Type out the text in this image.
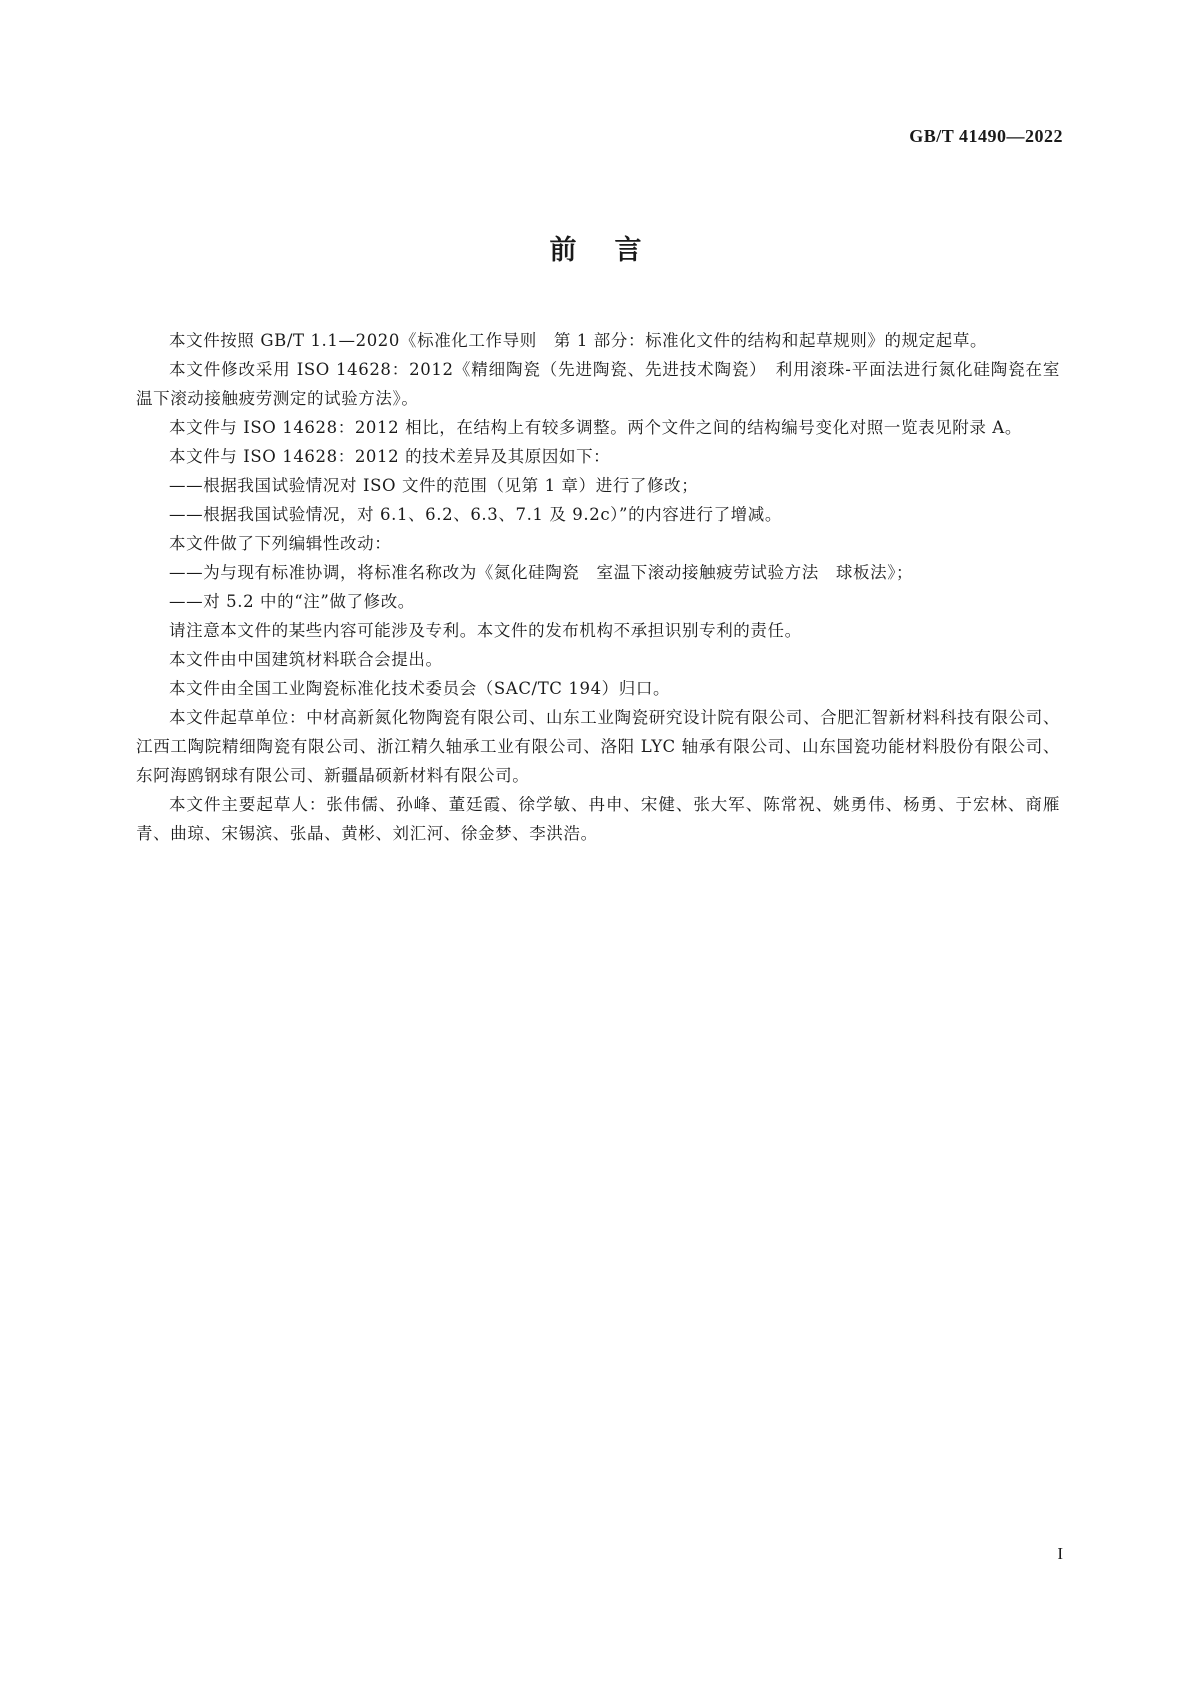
GB/T 41490—2022
前言

本文件按照 GB/T 1.1—2020《标准化工作导则　第 1 部分：标准化文件的结构和起草规则》的规定起草。

本文件修改采用 ISO 14628：2012《精细陶瓷（先进陶瓷、先进技术陶瓷）　利用滚珠-平面法进行氮化硅陶瓷在室温下滚动接触疲劳测定的试验方法》。

本文件与 ISO 14628：2012 相比，在结构上有较多调整。两个文件之间的结构编号变化对照一览表见附录 A。

本文件与 ISO 14628：2012 的技术差异及其原因如下：

——根据我国试验情况对 ISO 文件的范围（见第 1 章）进行了修改；

——根据我国试验情况，对 6.1、6.2、6.3、7.1 及 9.2c）”的内容进行了增减。

本文件做了下列编辑性改动：

——为与现有标准协调，将标准名称改为《氮化硅陶瓷　室温下滚动接触疲劳试验方法　球板法》；

——对 5.2 中的“注”做了修改。

请注意本文件的某些内容可能涉及专利。本文件的发布机构不承担识别专利的责任。

本文件由中国建筑材料联合会提出。

本文件由全国工业陶瓷标准化技术委员会（SAC/TC 194）归口。

本文件起草单位：中材高新氮化物陶瓷有限公司、山东工业陶瓷研究设计院有限公司、合肥汇智新材料科技有限公司、江西工陶院精细陶瓷有限公司、浙江精久轴承工业有限公司、洛阳 LYC 轴承有限公司、山东国瓷功能材料股份有限公司、东阿海鸥钢球有限公司、新疆晶硕新材料有限公司。

本文件主要起草人：张伟儒、孙峰、董廷霞、徐学敏、冉申、宋健、张大军、陈常祝、姚勇伟、杨勇、于宏林、商雁青、曲琼、宋锡滨、张晶、黄彬、刘汇河、徐金梦、李洪浩。

I
